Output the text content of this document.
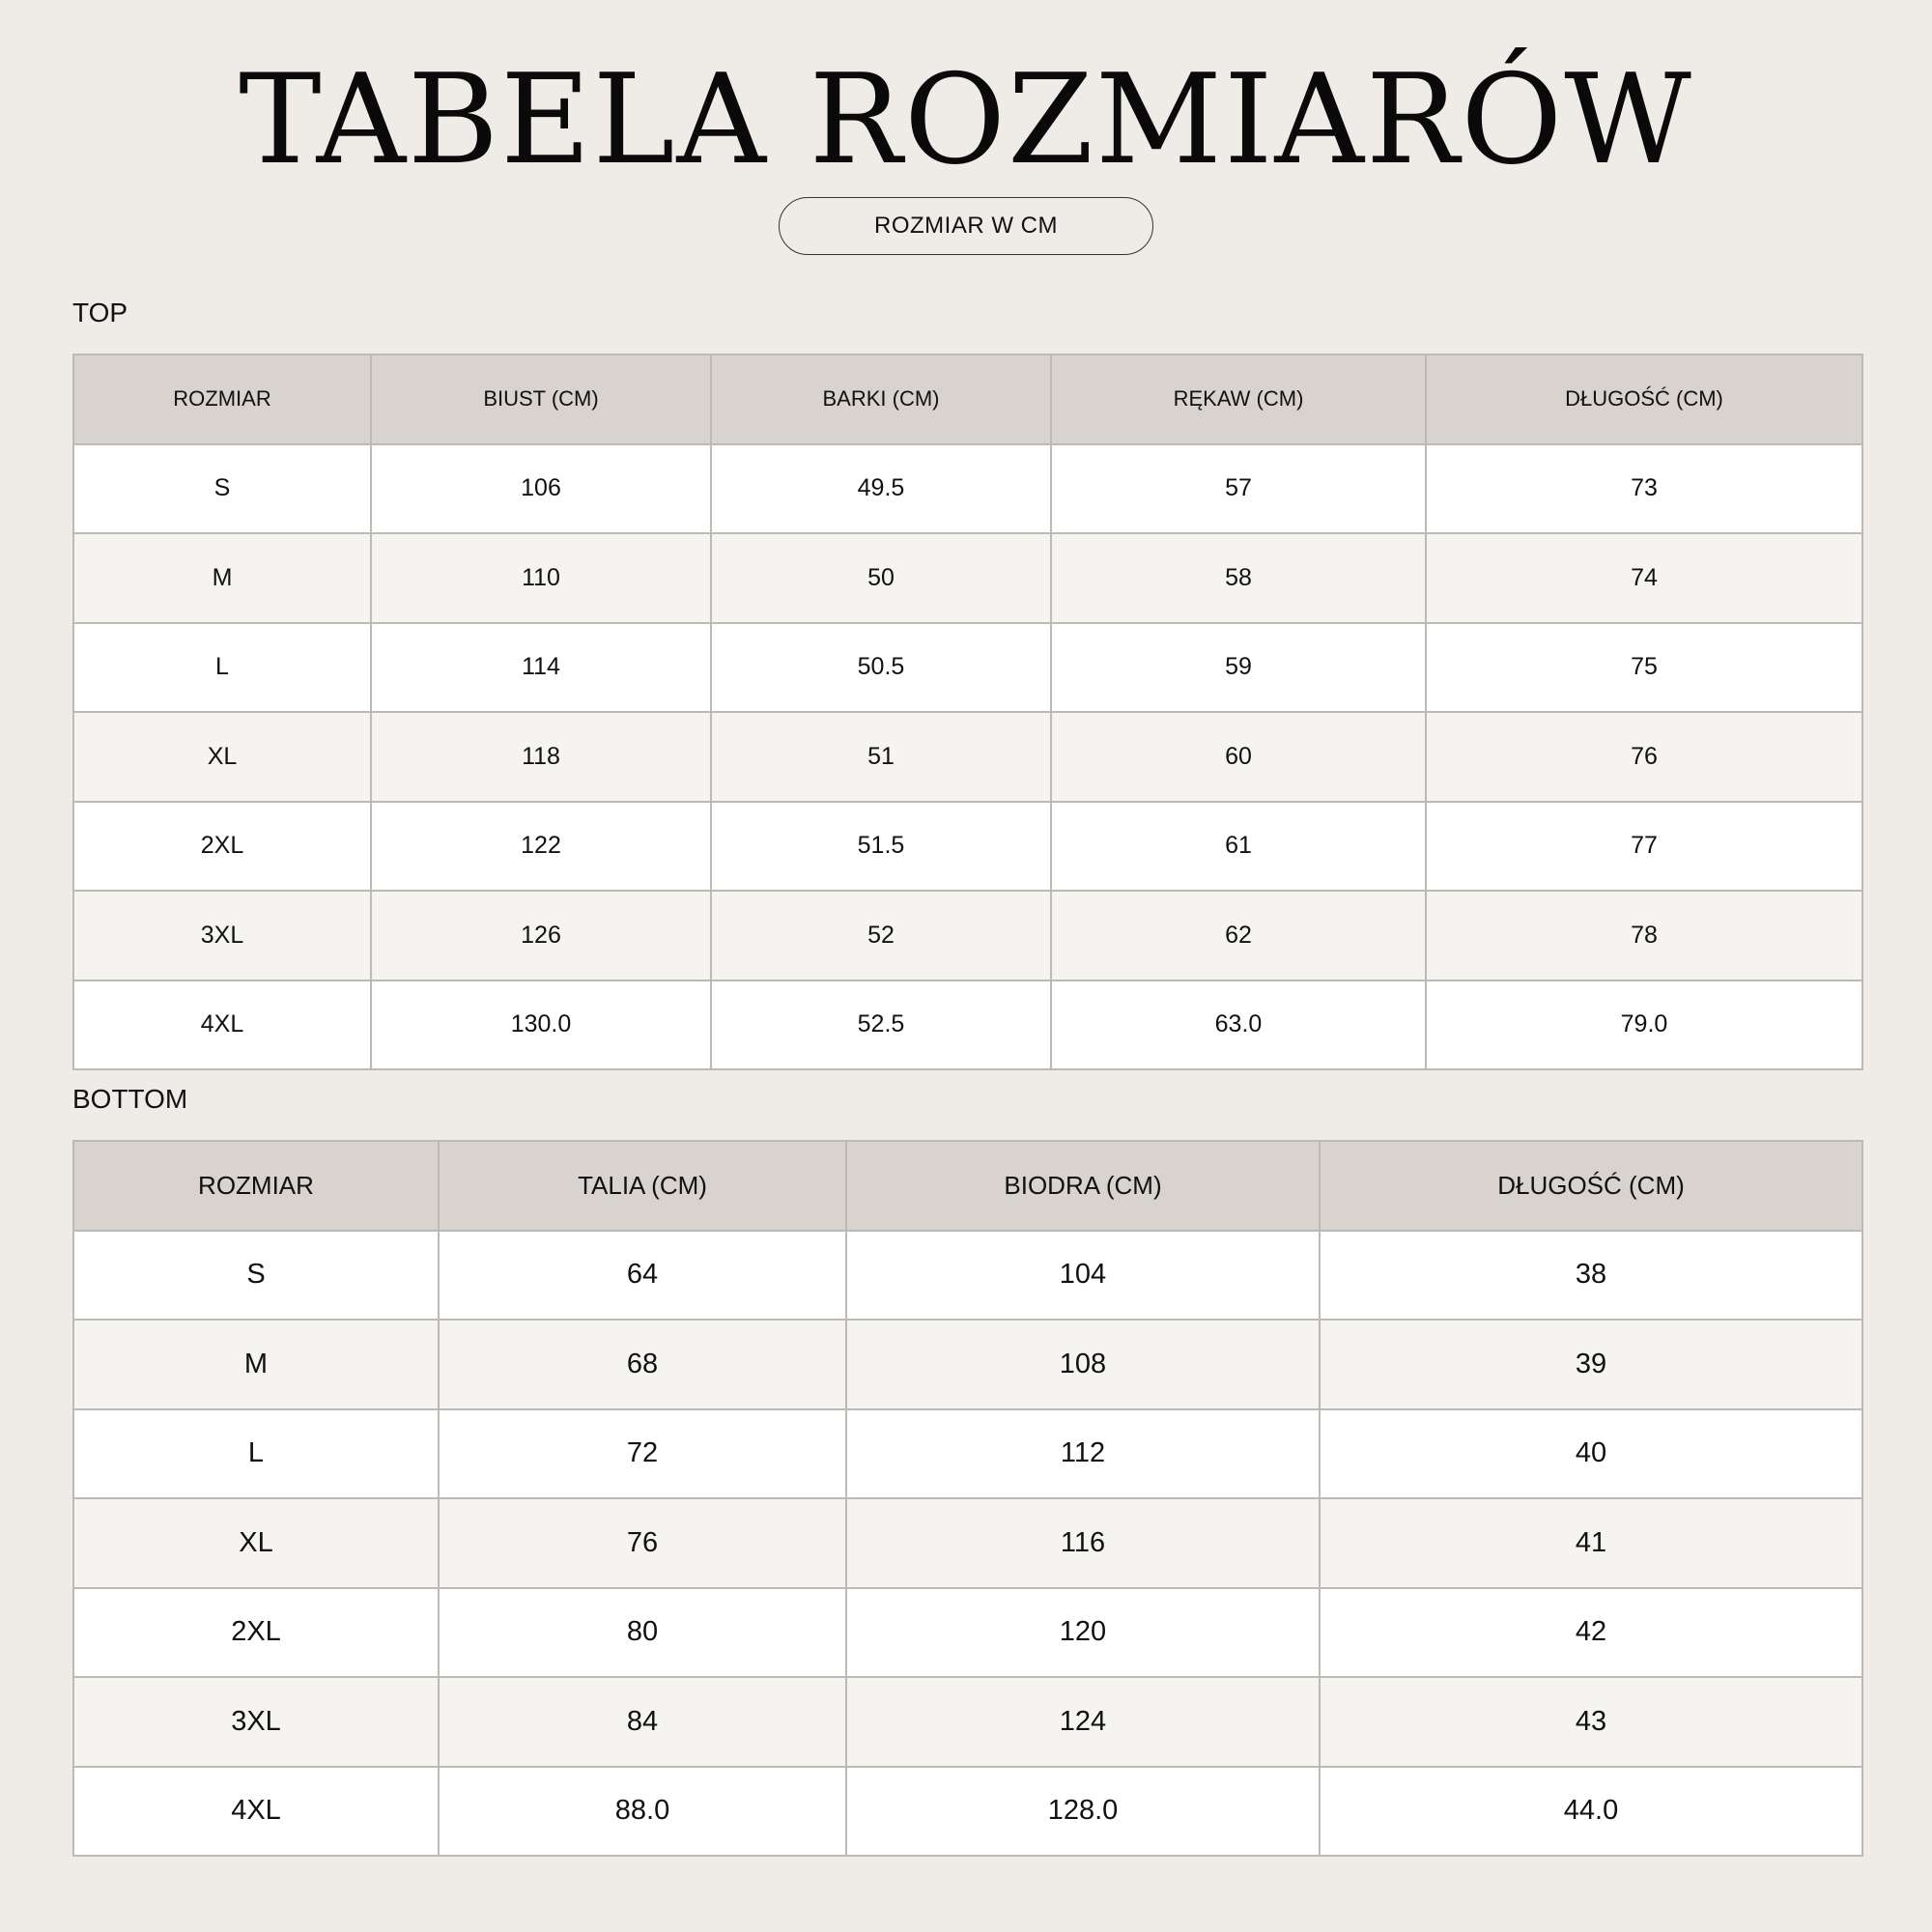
TABELA ROZMIARÓW
ROZMIAR W CM
TOP
ROZMIAR	BIUST (CM)	BARKI (CM)	RĘKAW (CM)	DŁUGOŚĆ (CM)
S	106	49.5	57	73
M	110	50	58	74
L	114	50.5	59	75
XL	118	51	60	76
2XL	122	51.5	61	77
3XL	126	52	62	78
4XL	130.0	52.5	63.0	79.0
BOTTOM
ROZMIAR	TALIA (CM)	BIODRA (CM)	DŁUGOŚĆ (CM)
S	64	104	38
M	68	108	39
L	72	112	40
XL	76	116	41
2XL	80	120	42
3XL	84	124	43
4XL	88.0	128.0	44.0
